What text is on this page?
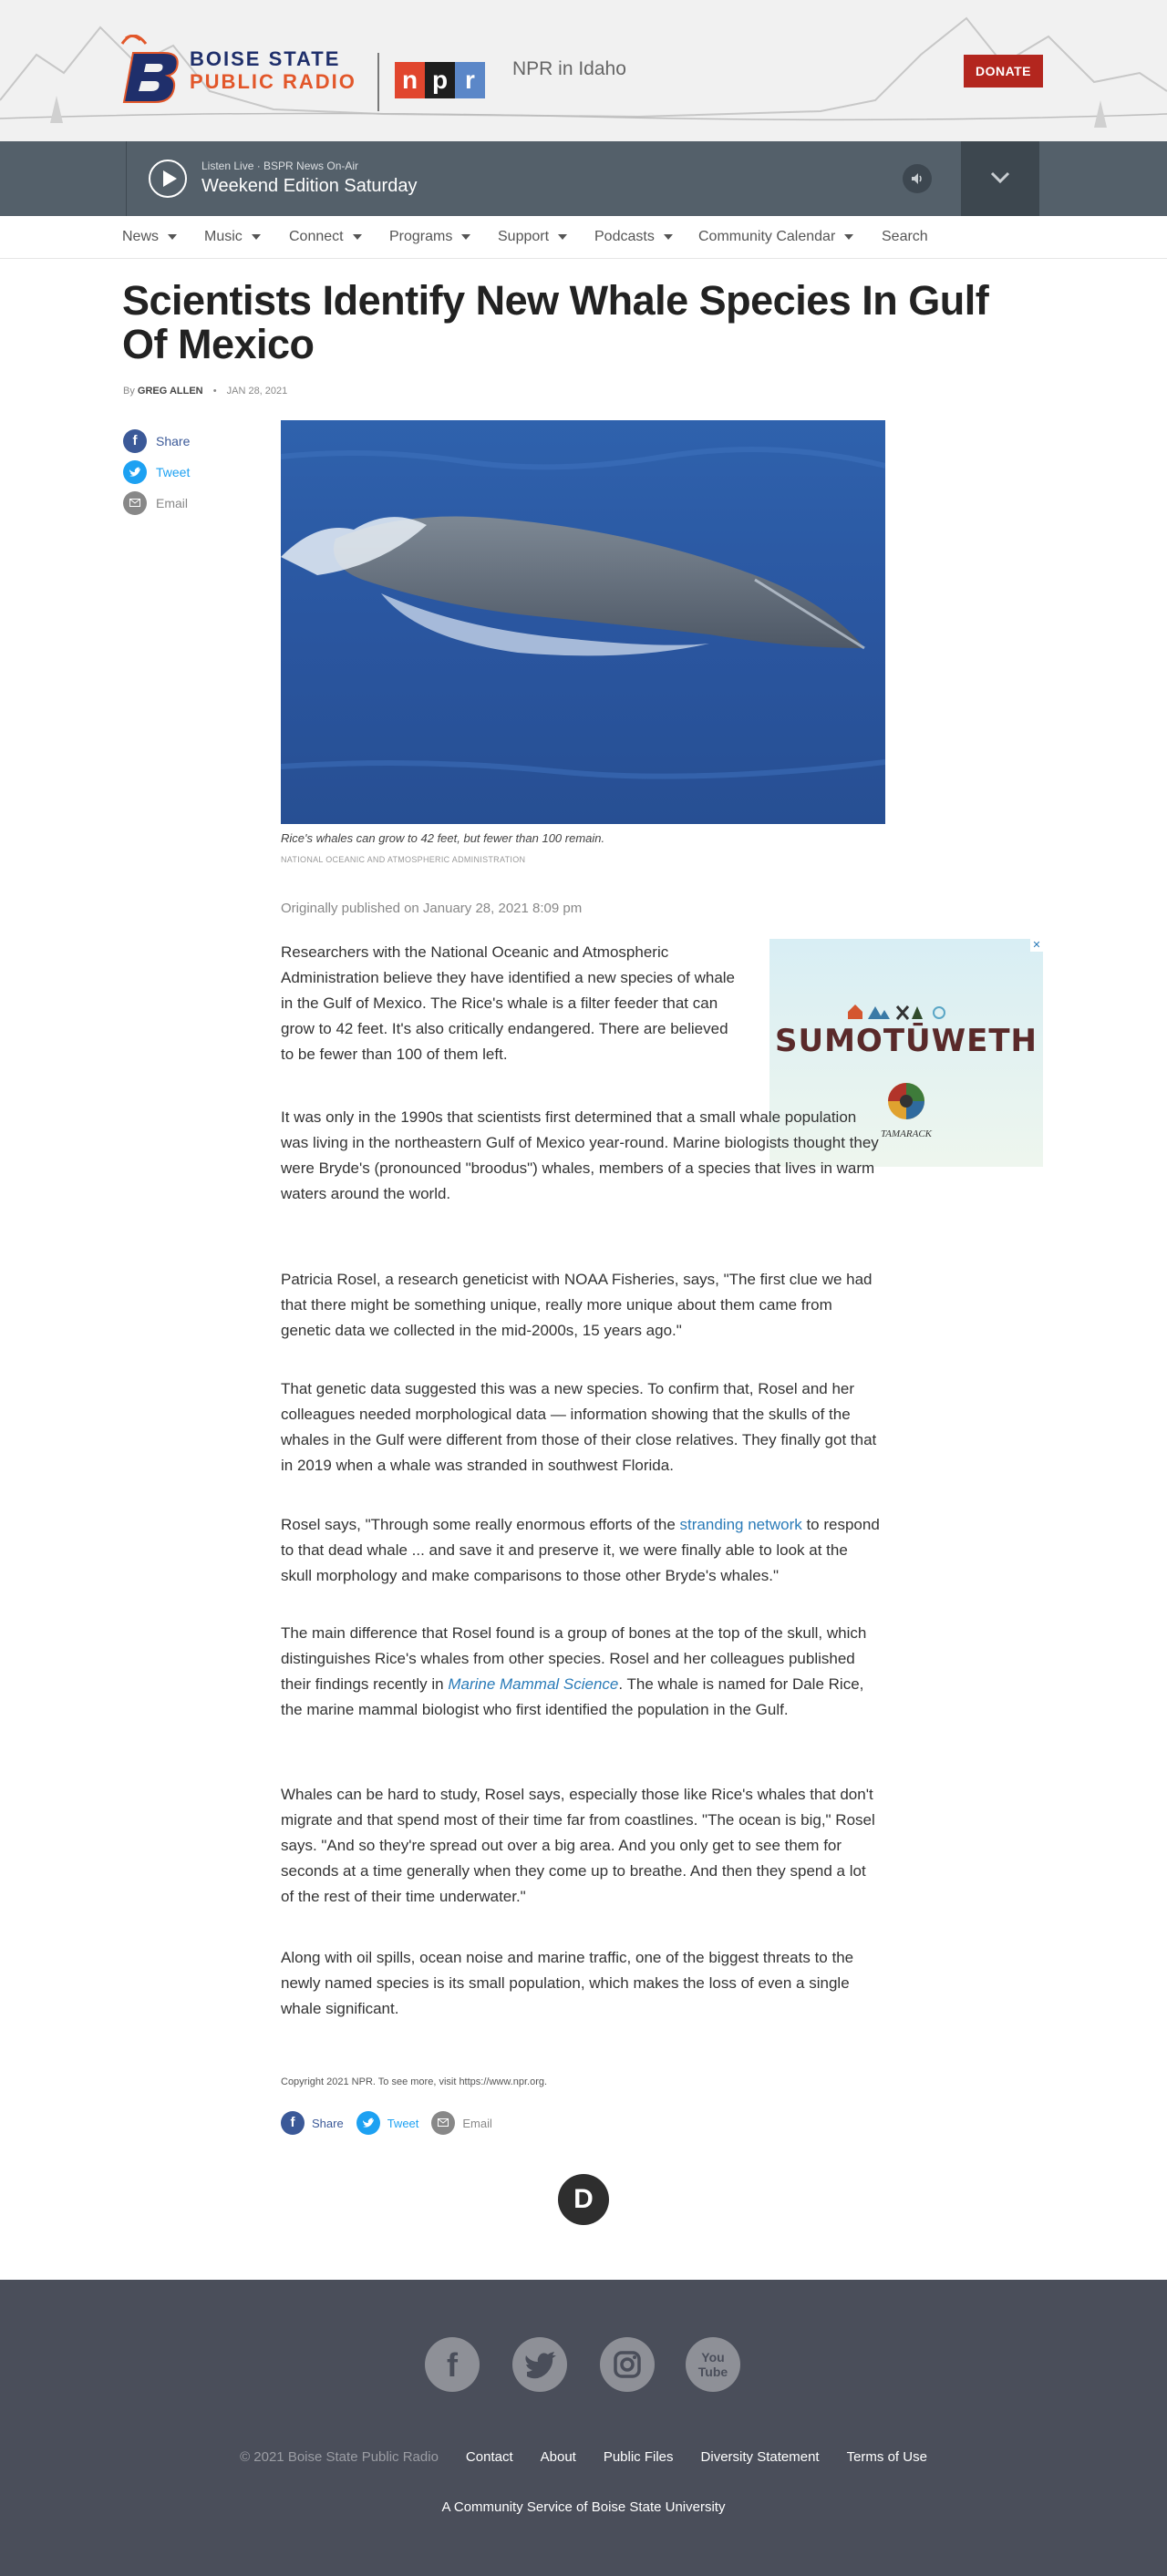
BOISE STATE
PUBLIC RADIO n p r	NPR in Idaho	DONATE
Listen Live · BSPR News On-Air
Weekend Edition Saturday
News	Music	Connect	Programs	Support	Podcasts	Community Calendar	Search
Scientists Identify New Whale Species In Gulf Of Mexico
By GREG ALLEN • JAN 28, 2021
f	Share
Tweet
Email
Rice's whales can grow to 42 feet, but fewer than 100 remain.
NATIONAL OCEANIC AND ATMOSPHERIC ADMINISTRATION
Originally published on January 28, 2021 8:09 pm

Researchers with the National Oceanic and Atmospheric Administration believe they have identified a new species of whale in the Gulf of Mexico. The Rice's whale is a filter feeder that can grow to 42 feet. It's also critically endangered. There are believed to be fewer than 100 of them left.

✕
SUMOTŪWETH
TAMARACK

It was only in the 1990s that scientists first determined that a small whale population was living in the northeastern Gulf of Mexico year-round. Marine biologists thought they were Bryde's (pronounced "broodus") whales, members of a species that lives in warm waters around the world.

Patricia Rosel, a research geneticist with NOAA Fisheries, says, "The first clue we had that there might be something unique, really more unique about them came from genetic data we collected in the mid-2000s, 15 years ago."

That genetic data suggested this was a new species. To confirm that, Rosel and her colleagues needed morphological data — information showing that the skulls of the whales in the Gulf were different from those of their close relatives. They finally got that in 2019 when a whale was stranded in southwest Florida.

Rosel says, "Through some really enormous efforts of the stranding network to respond to that dead whale ... and save it and preserve it, we were finally able to look at the skull morphology and make comparisons to those other Bryde's whales."

The main difference that Rosel found is a group of bones at the top of the skull, which distinguishes Rice's whales from other species. Rosel and her colleagues published their findings recently in Marine Mammal Science. The whale is named for Dale Rice, the marine mammal biologist who first identified the population in the Gulf.

Whales can be hard to study, Rosel says, especially those like Rice's whales that don't migrate and that spend most of their time far from coastlines. "The ocean is big," Rosel says. "And so they're spread out over a big area. And you only get to see them for seconds at a time generally when they come up to breathe. And then they spend a lot of the rest of their time underwater."

Along with oil spills, ocean noise and marine traffic, one of the biggest threats to the newly named species is its small population, which makes the loss of even a single whale significant.

Copyright 2021 NPR. To see more, visit https://www.npr.org.
f	Share	Tweet	Email
D
f	You Tube
© 2021 Boise State Public Radio Contact About Public Files Diversity Statement Terms of Use
A Community Service of Boise State University
